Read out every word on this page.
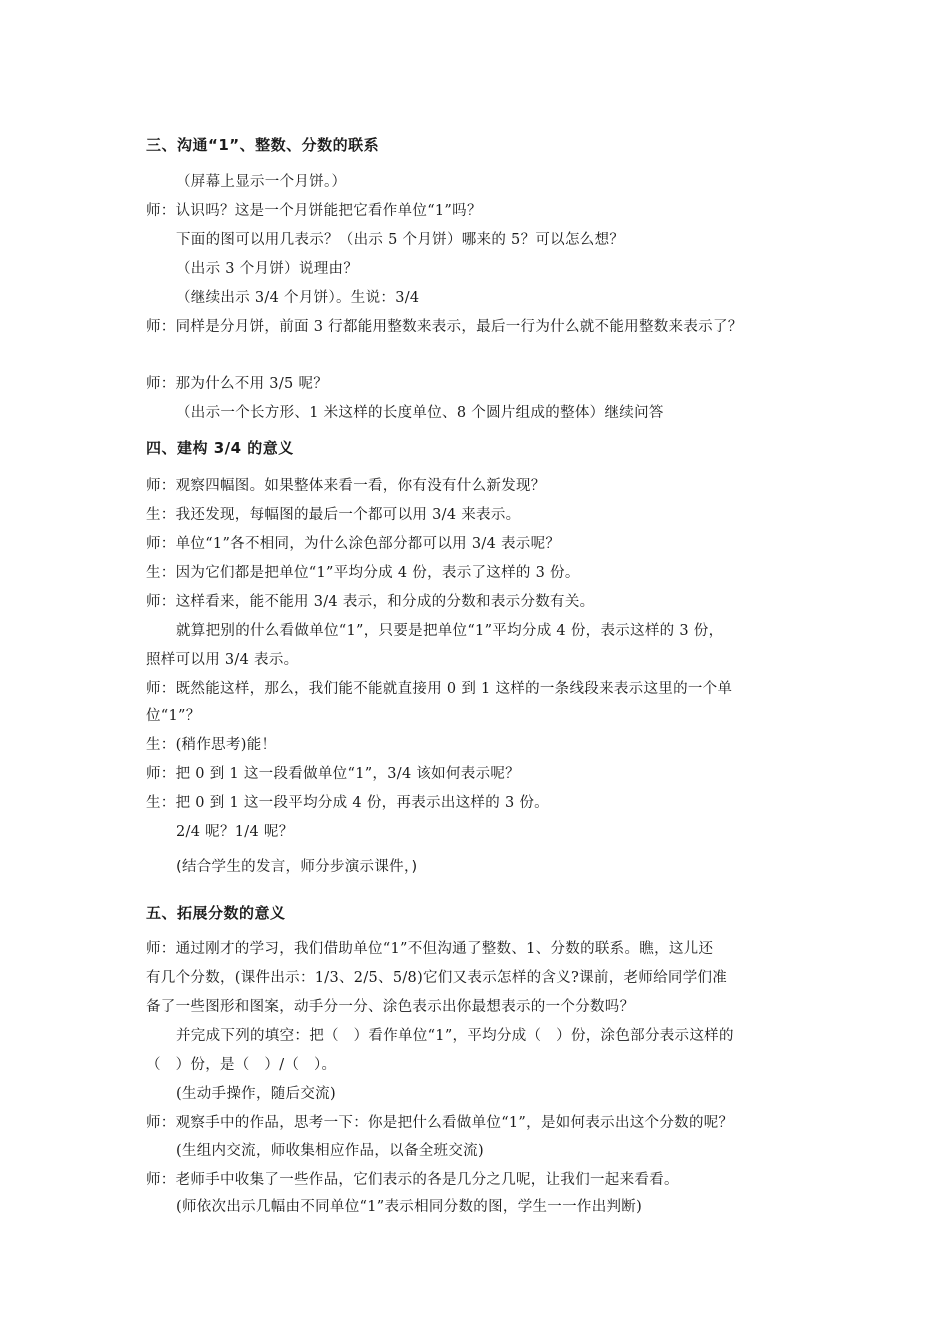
三、沟通“1”、整数、分数的联系
（屏幕上显示一个月饼。）
师：认识吗？这是一个月饼能把它看作单位“1”吗？
下面的图可以用几表示？（出示 5 个月饼）哪来的 5？可以怎么想？
（出示 3 个月饼）说理由？
（继续出示 3/4 个月饼）。生说：3/4
师：同样是分月饼，前面 3 行都能用整数来表示，最后一行为什么就不能用整数来表示了？
师：那为什么不用 3/5 呢？
（出示一个长方形、1 米这样的长度单位、8 个圆片组成的整体）继续问答
四、建构 3/4 的意义
师：观察四幅图。如果整体来看一看，你有没有什么新发现？
生：我还发现，每幅图的最后一个都可以用 3/4 来表示。
师：单位“1”各不相同，为什么涂色部分都可以用 3/4 表示呢？
生：因为它们都是把单位“1”平均分成 4 份，表示了这样的 3 份。
师：这样看来，能不能用 3/4 表示，和分成的分数和表示分数有关。
就算把别的什么看做单位“1”，只要是把单位“1”平均分成 4 份，表示这样的 3 份，
照样可以用 3/4 表示。
师：既然能这样，那么，我们能不能就直接用 0 到 1 这样的一条线段来表示这里的一个单
位“1”？
生：(稍作思考)能！
师：把 0 到 1 这一段看做单位“1”，3/4 该如何表示呢？
生：把 0 到 1 这一段平均分成 4 份，再表示出这样的 3 份。
2/4 呢？1/4 呢？
(结合学生的发言，师分步演示课件，)
五、拓展分数的意义
师：通过刚才的学习，我们借助单位“1”不但沟通了整数、1、分数的联系。瞧，这儿还
有几个分数，(课件出示：1/3、2/5、5/8)它们又表示怎样的含义?课前，老师给同学们准
备了一些图形和图案，动手分一分、涂色表示出你最想表示的一个分数吗？
并完成下列的填空：把（　）看作单位“1”，平均分成（　）份，涂色部分表示这样的
（　）份，是（　）/（　）。
(生动手操作，随后交流)
师：观察手中的作品，思考一下：你是把什么看做单位“1”，是如何表示出这个分数的呢？
(生组内交流，师收集相应作品，以备全班交流)
师：老师手中收集了一些作品，它们表示的各是几分之几呢，让我们一起来看看。
(师依次出示几幅由不同单位“1”表示相同分数的图，学生一一作出判断)
